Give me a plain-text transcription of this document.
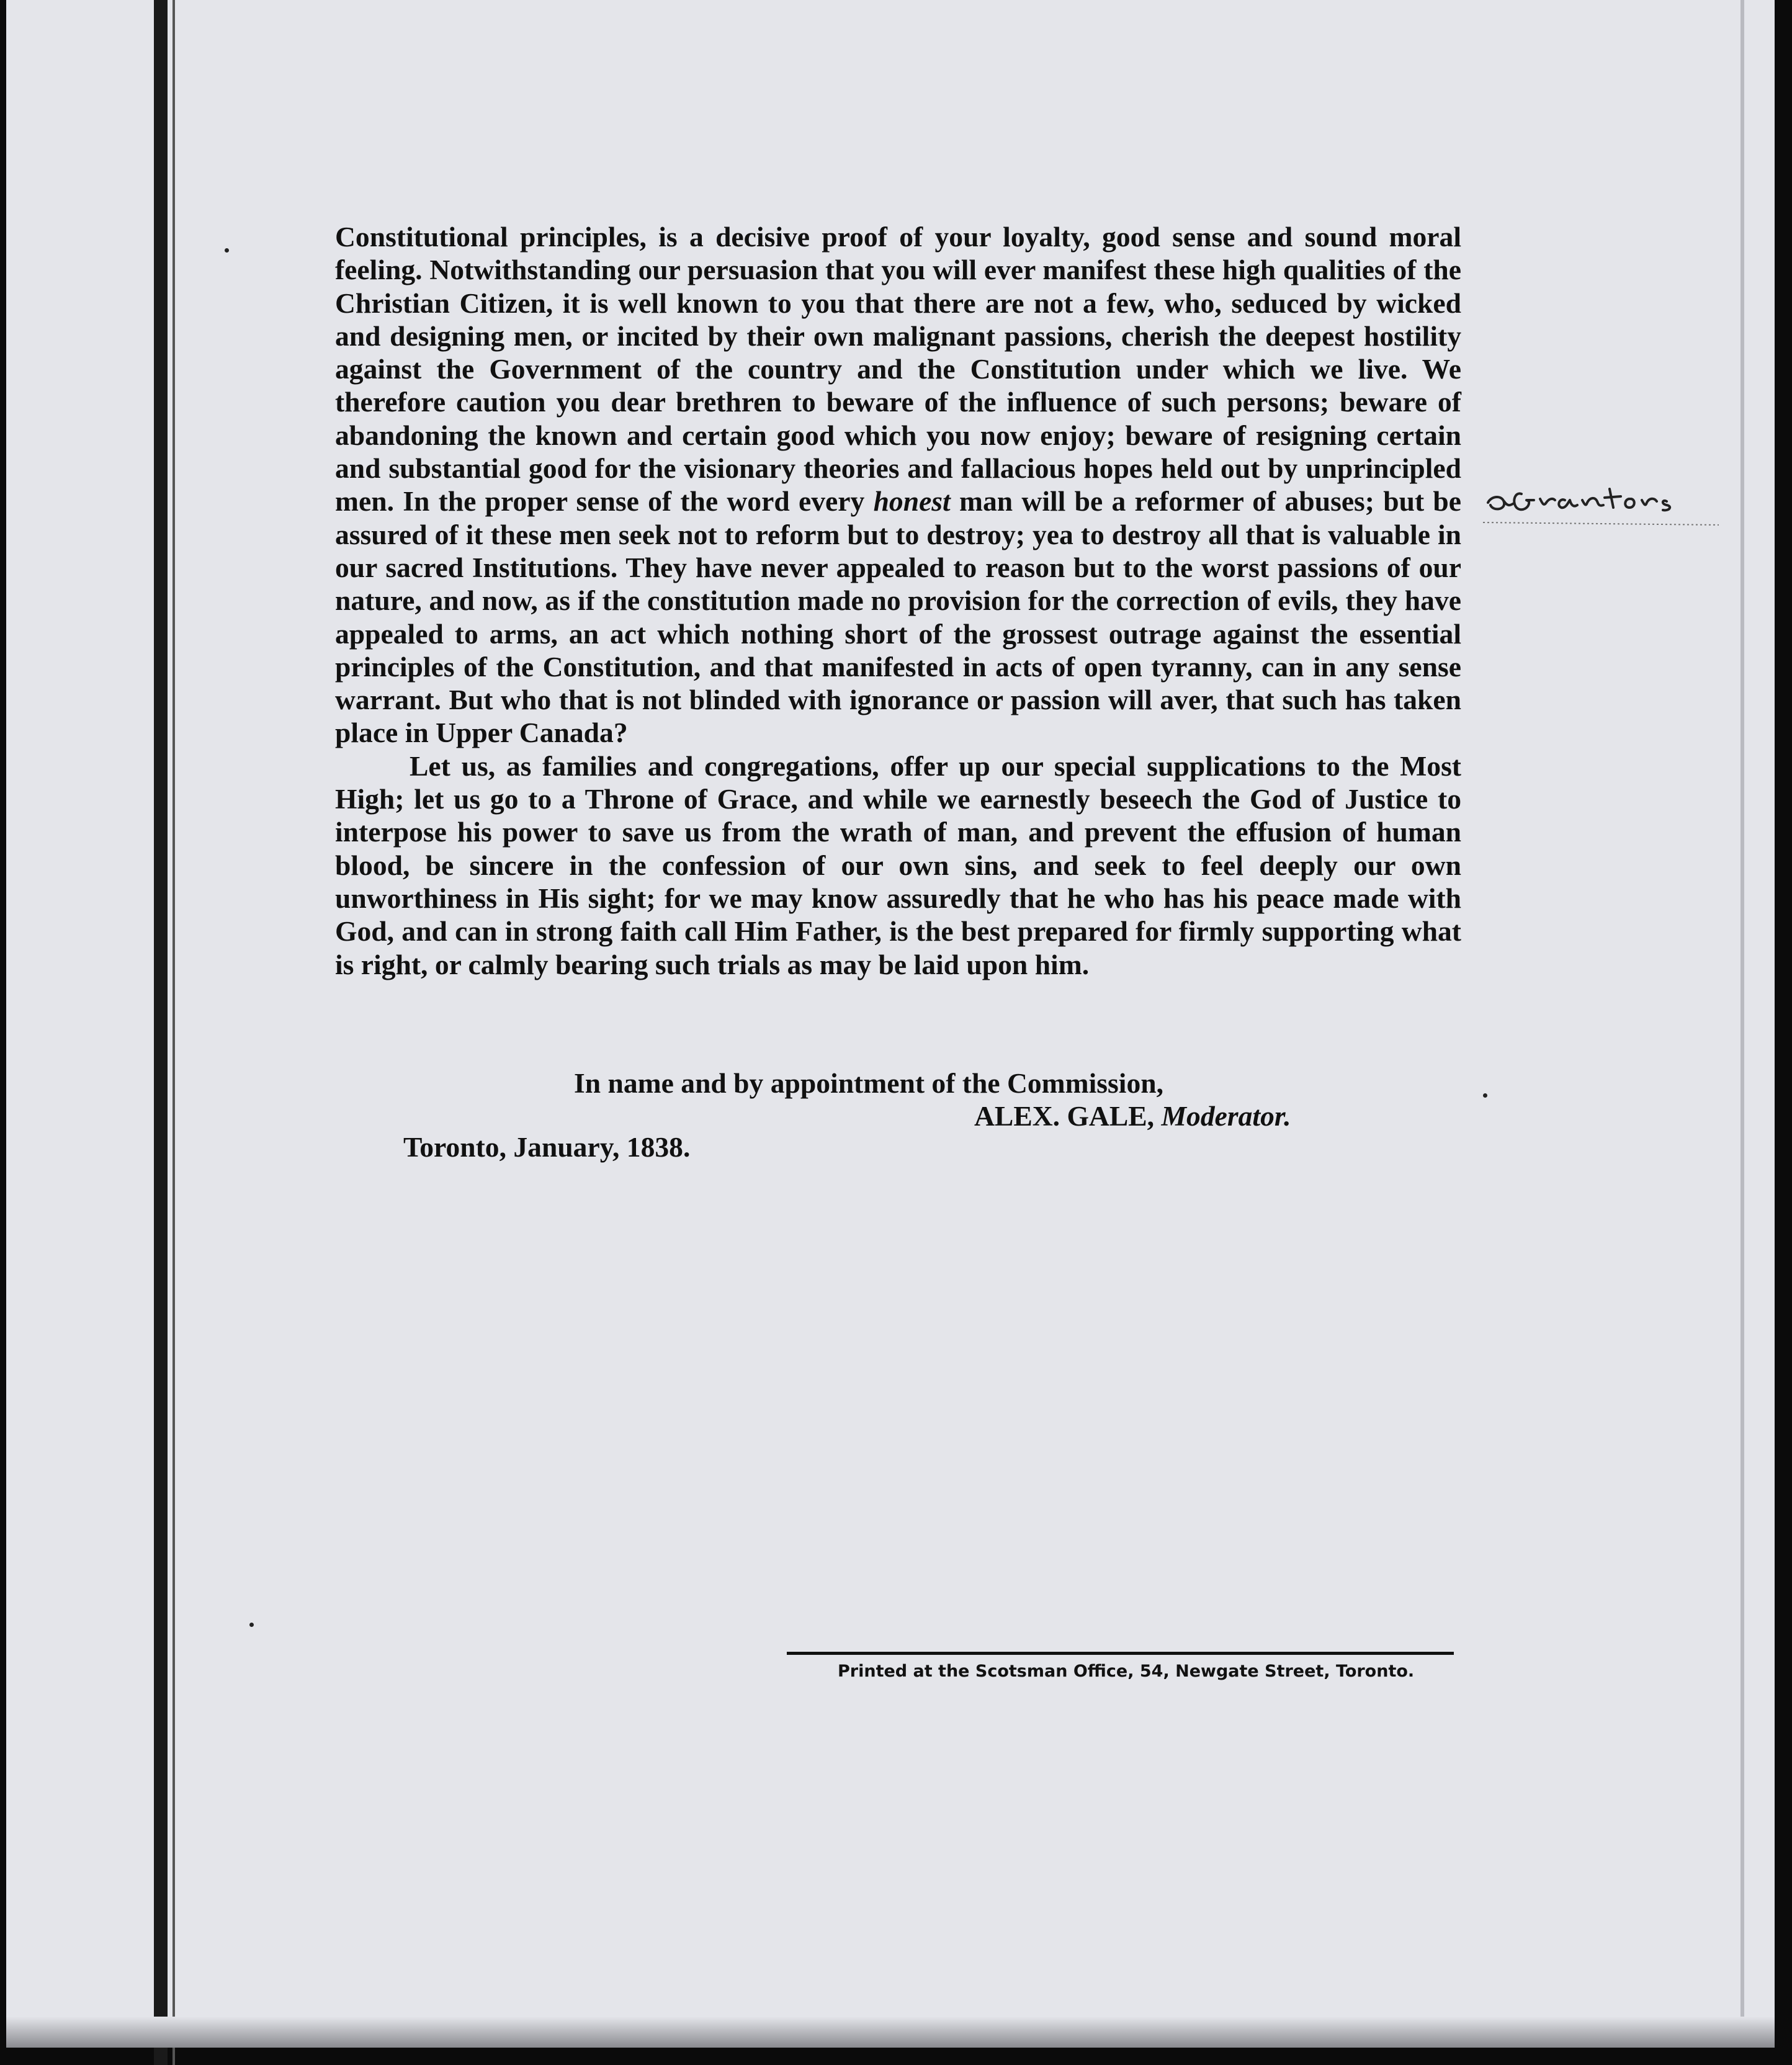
Constitutional principles, is a decisive proof of your loyalty, good sense and sound moral feeling. Notwithstanding our persuasion that you will ever manifest these high qualities of the Christian Citizen, it is well known to you that there are not a few, who, seduced by wicked and designing men, or incited by their own malignant passions, cherish the deepest hostility against the Government of the country and the Constitution under which we live. We therefore caution you dear brethren to beware of the influence of such persons; beware of abandoning the known and certain good which you now enjoy; beware of resigning certain and substantial good for the visionary theories and fallacious hopes held out by unprincipled men. In the proper sense of the word every honest man will be a reformer of abuses; but be assured of it these men seek not to reform but to destroy; yea to destroy all that is valuable in our sacred Institutions. They have never appealed to reason but to the worst passions of our nature, and now, as if the constitution made no provision for the correction of evils, they have appealed to arms, an act which nothing short of the grossest outrage against the essential principles of the Constitution, and that manifested in acts of open tyranny, can in any sense warrant. But who that is not blinded with ignorance or passion will aver, that such has taken place in Upper Canada?

Let us, as families and congregations, offer up our special supplications to the Most High; let us go to a Throne of Grace, and while we earnestly beseech the God of Justice to interpose his power to save us from the wrath of man, and prevent the effusion of human blood, be sincere in the confession of our own sins, and seek to feel deeply our own unworthiness in His sight; for we may know assuredly that he who has his peace made with God, and can in strong faith call Him Father, is the best prepared for firmly supporting what is right, or calmly bearing such trials as may be laid upon him.

In name and by appointment of the Commission,

ALEX. GALE, Moderator.

Toronto, January, 1838.

Printed at the Scotsman Office, 54, Newgate Street, Toronto.
